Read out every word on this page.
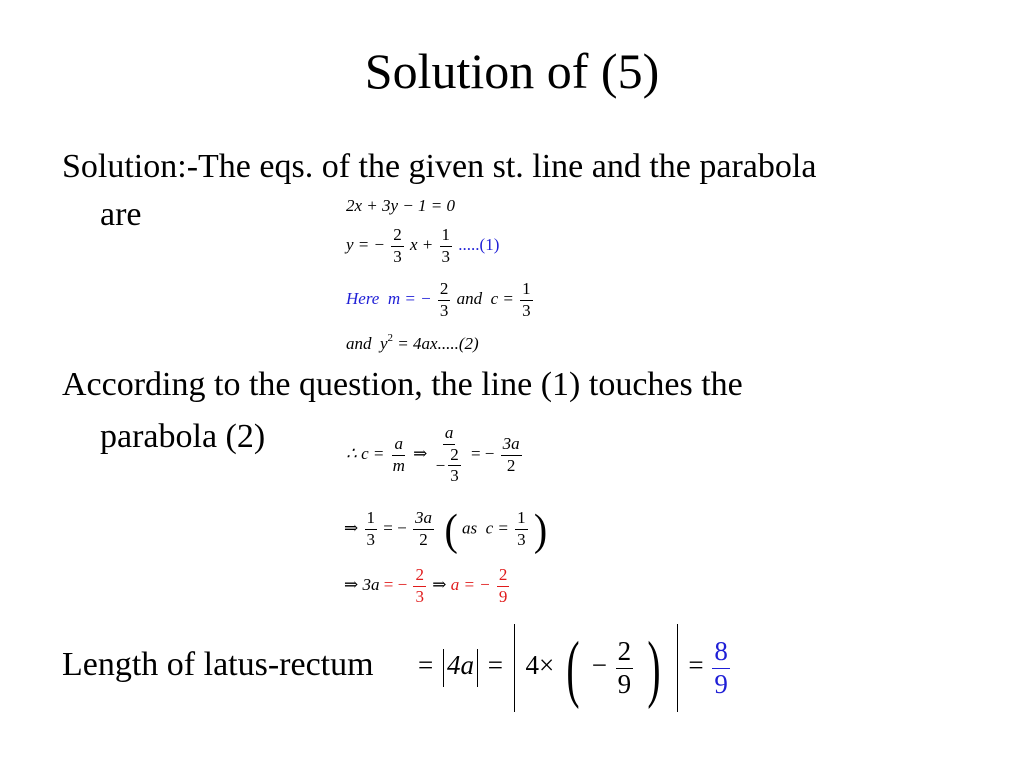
Solution of (5)
Solution:-The eqs. of the given st. line and the parabola
are	2x + 3y − 1 = 0
y = − $\frac{2}{3}$ $x + \frac{1}{3} .....(1)$
Here m = − $\frac{2}{3}$ and $c = \frac{1}{3}$
and $y^2 = 4ax.....(2)$
According to the question, the line (1) touches the
parabola (2)	∴ $c = \frac{a}{m}$ ⇒ $\frac{a}{- \frac{2}{3}}$ = − $\frac{3a}{2}$
⇒ $\frac{1}{3}$ = − $\frac{3a}{2}$ ( as $c = \frac{1}{3}$ )
⇒ 3a = − $\frac{2}{3}$ ⇒ a = − $\frac{2}{9}$
Length of latus-rectum = 4a = 4× ( − $\frac{2}{9}$ ) = $\frac{8}{9}$
